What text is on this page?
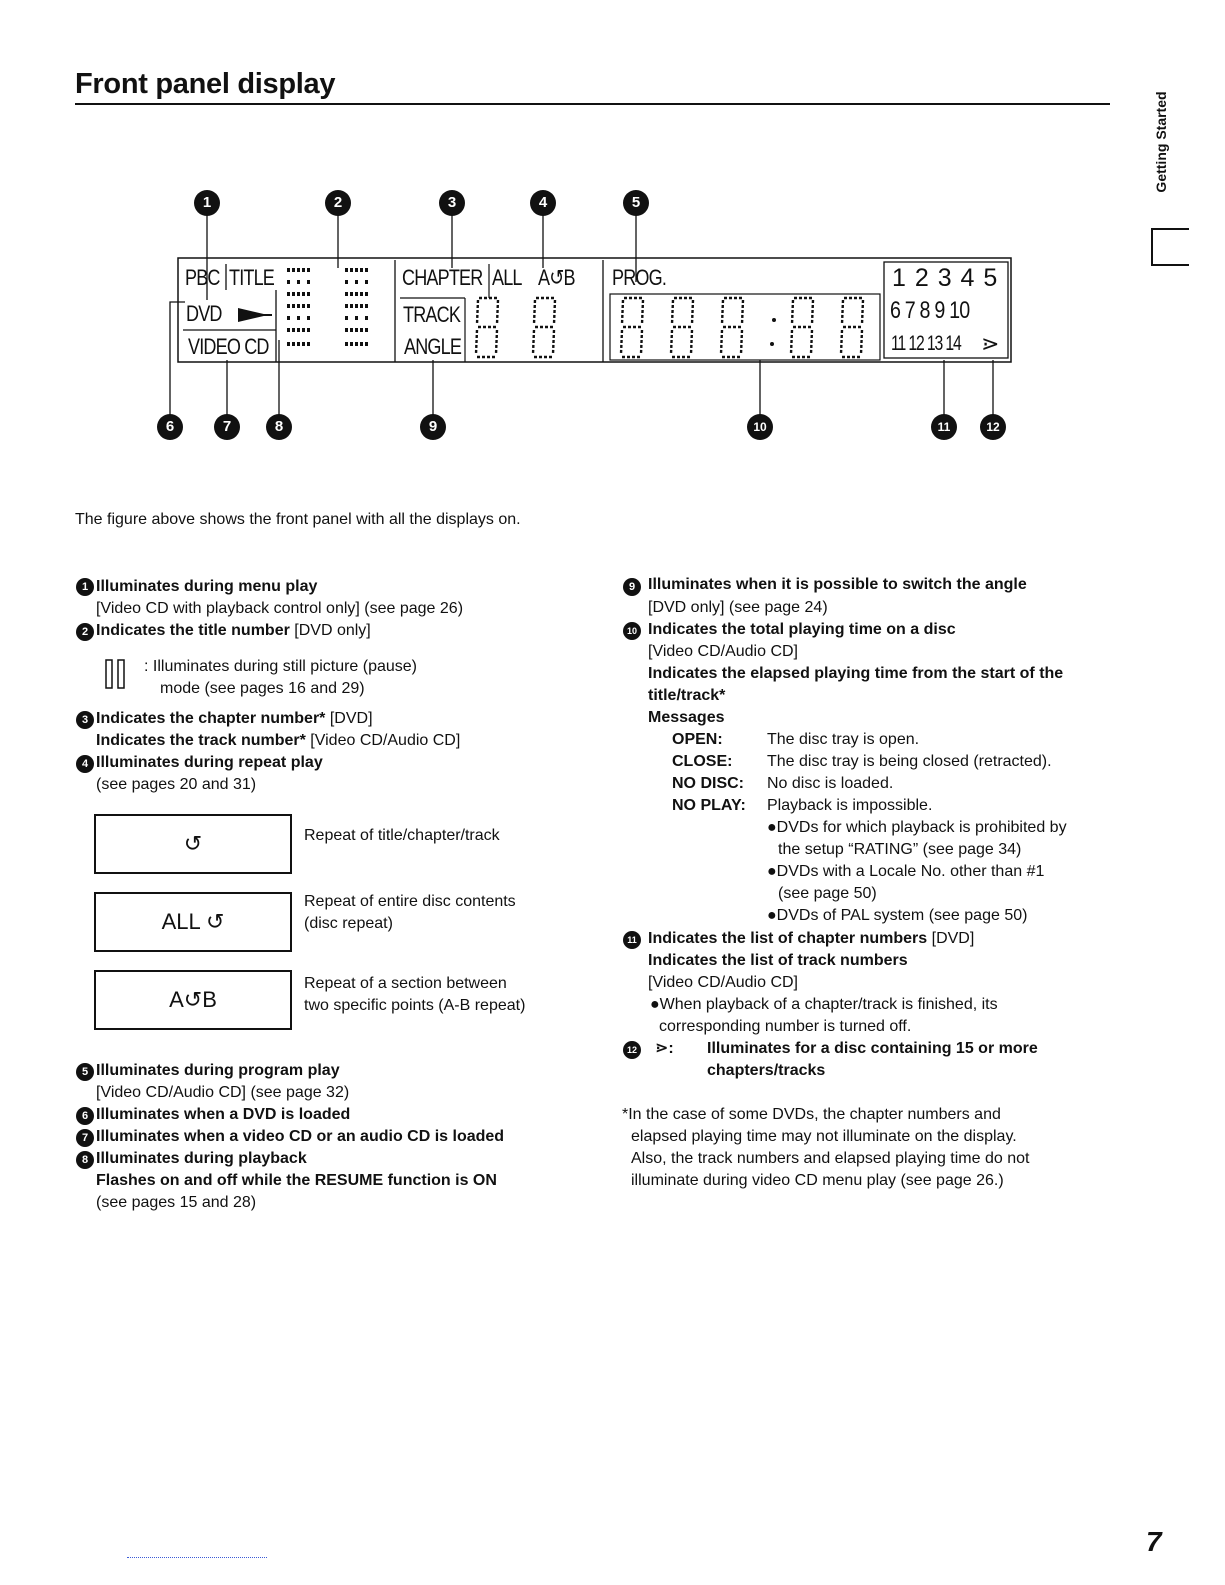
Front panel display
Getting Started
1	2	3	4	5
6	7	8	9	10	11	12
PBC TITLE
DVD
VIDEO CD
CHAPTER ALL A↺B
TRACK
ANGLE
PROG.	1 2 3 4 5
6 7 8 9 10
11 12 13 14 ⋗
The figure above shows the front panel with all the displays on.
1 Illuminates during menu play
[Video CD with playback control only] (see page 26)
2 Indicates the title number [DVD only]
: Illuminates during still picture (pause)
mode (see pages 16 and 29)
3 Indicates the chapter number* [DVD]
Indicates the track number* [Video CD/Audio CD]
4 Illuminates during repeat play
(see pages 20 and 31)
↺	Repeat of title/chapter/track
ALL ↺
Repeat of entire disc contents
(disc repeat)
A↺B
Repeat of a section between
two specific points (A-B repeat)
5 Illuminates during program play
[Video CD/Audio CD] (see page 32)
6 Illuminates when a DVD is loaded
7 Illuminates when a video CD or an audio CD is loaded
8 Illuminates during playback
Flashes on and off while the RESUME function is ON
(see pages 15 and 28)
9 Illuminates when it is possible to switch the angle
[DVD only] (see page 24)
10 Indicates the total playing time on a disc
[Video CD/Audio CD]
Indicates the elapsed playing time from the start of the
title/track*
Messages
OPEN:	The disc tray is open.
CLOSE: The disc tray is being closed (retracted).
NO DISC: No disc is loaded.
NO PLAY: Playback is impossible.
●DVDs for which playback is prohibited by
the setup “RATING” (see page 34)
●DVDs with a Locale No. other than #1
(see page 50)
●DVDs of PAL system (see page 50)
11 Indicates the list of chapter numbers [DVD]
Indicates the list of track numbers
[Video CD/Audio CD]
●When playback of a chapter/track is finished, its
corresponding number is turned off.
12 ⋗: Illuminates for a disc containing 15 or more
chapters/tracks
*In the case of some DVDs, the chapter numbers and
elapsed playing time may not illuminate on the display.
Also, the track numbers and elapsed playing time do not
illuminate during video CD menu play (see page 26.)
7
